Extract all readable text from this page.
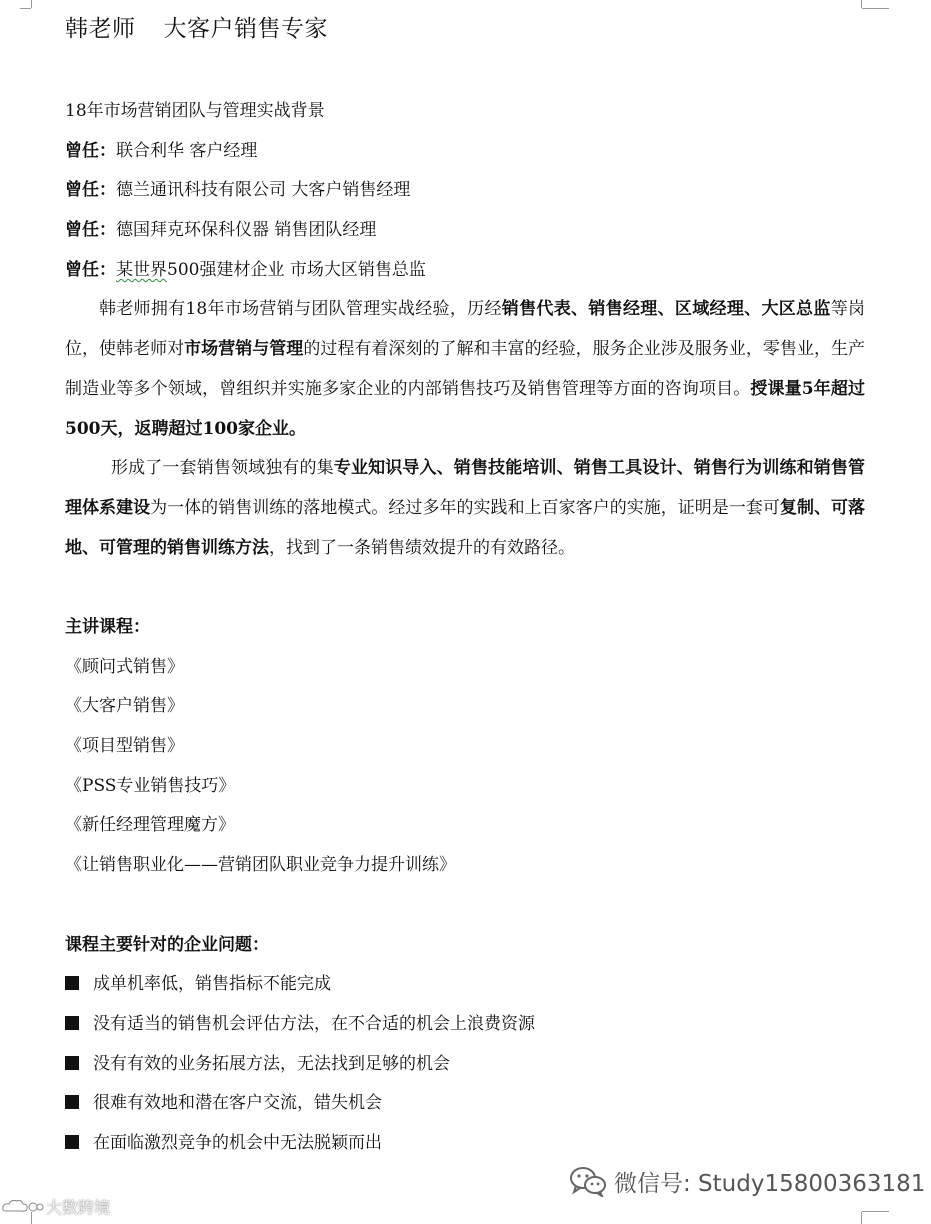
韩老师 大客户销售专家
18年市场营销团队与管理实战背景
曾任：联合利华 客户经理
曾任：德兰通讯科技有限公司 大客户销售经理
曾任：德国拜克环保科仪器 销售团队经理
曾任：某世界500强建材企业 市场大区销售总监

韩老师拥有18年市场营销与团队管理实战经验，历经销售代表、销售经理、区域经理、大区总监等岗位，使韩老师对市场营销与管理的过程有着深刻的了解和丰富的经验，服务企业涉及服务业，零售业，生产制造业等多个领域，曾组织并实施多家企业的内部销售技巧及销售管理等方面的咨询项目。授课量5年超过500天，返聘超过100家企业。

形成了一套销售领域独有的集专业知识导入、销售技能培训、销售工具设计、销售行为训练和销售管理体系建设为一体的销售训练的落地模式。经过多年的实践和上百家客户的实施，证明是一套可复制、可落地、可管理的销售训练方法，找到了一条销售绩效提升的有效路径。

主讲课程：
《顾问式销售》
《大客户销售》
《项目型销售》
《PSS专业销售技巧》
《新任经理管理魔方》
《让销售职业化——营销团队职业竞争力提升训练》
课程主要针对的企业问题：
成单机率低，销售指标不能完成
没有适当的销售机会评估方法，在不合适的机会上浪费资源
没有有效的业务拓展方法，无法找到足够的机会
很难有效地和潜在客户交流，错失机会
在面临激烈竞争的机会中无法脱颖而出
微信号: Study15800363181
大数跨境
